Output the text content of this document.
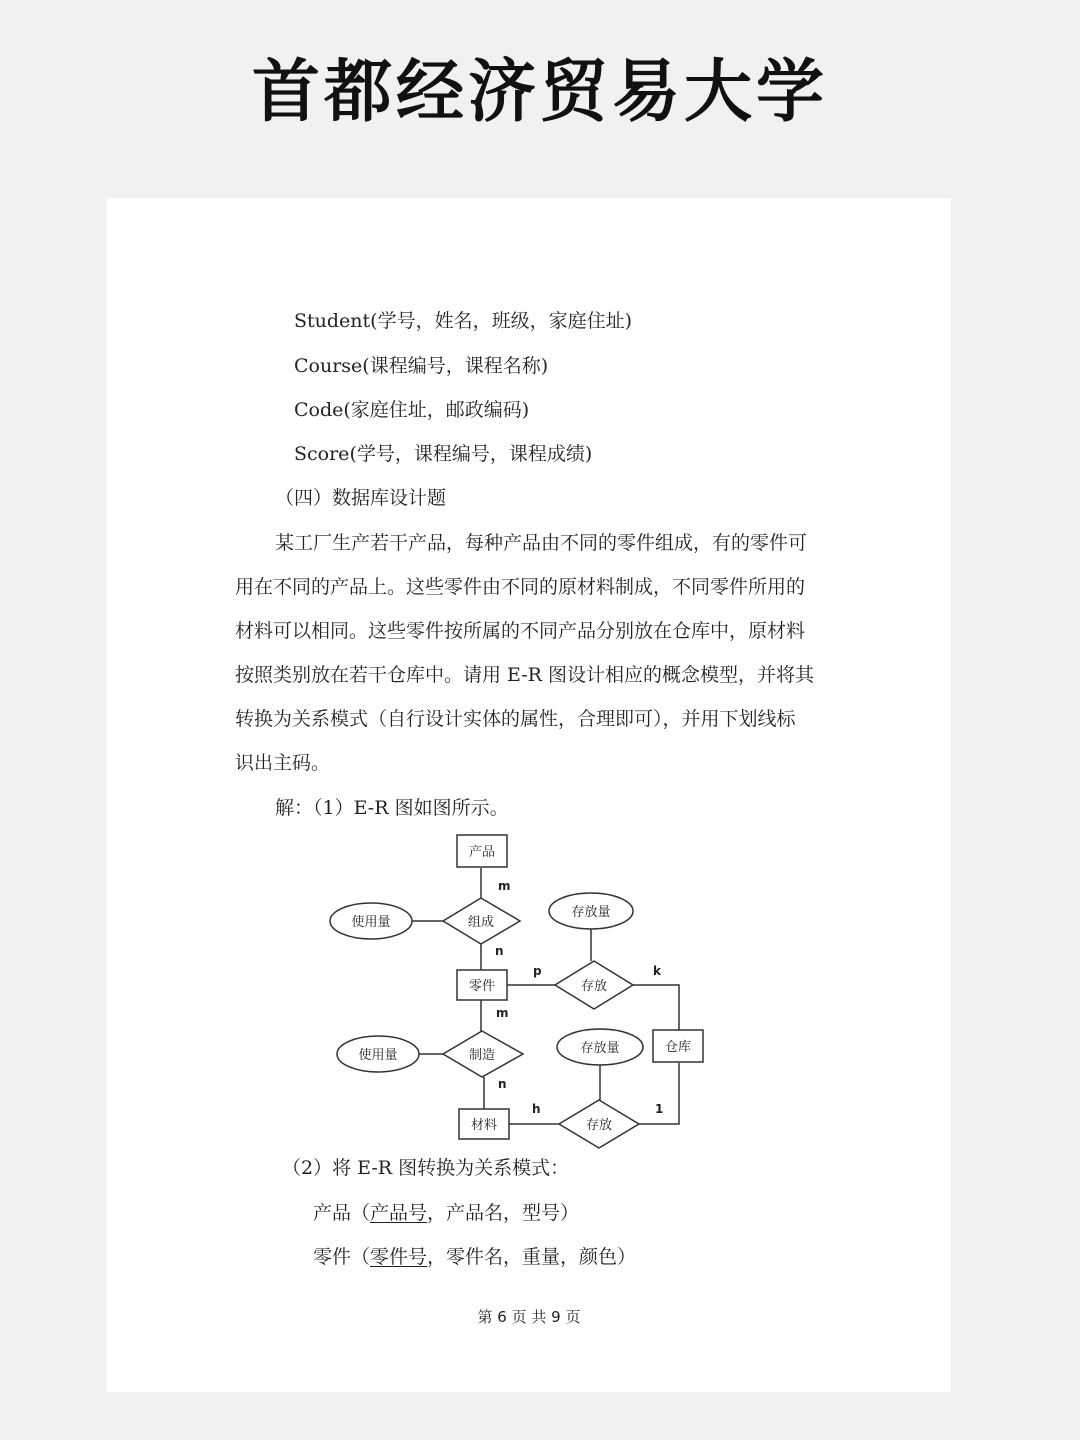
首都经济贸易大学
Student(学号，姓名，班级，家庭住址)
Course(课程编号，课程名称)
Code(家庭住址，邮政编码)
Score(学号，课程编号，课程成绩)
（四）数据库设计题
某工厂生产若干产品，每种产品由不同的零件组成，有的零件可
用在不同的产品上。这些零件由不同的原材料制成，不同零件所用的
材料可以相同。这些零件按所属的不同产品分别放在仓库中，原材料
按照类别放在若干仓库中。请用 E-R 图设计相应的概念模型，并将其
转换为关系模式（自行设计实体的属性，合理即可），并用下划线标
识出主码。
解：（1）E-R 图如图所示。
产品
零件
材料
仓库
组成
存放
制造
存放
使用量
存放量
使用量	存放量
m
n
p	k
m
n
h	1
（2）将 E-R 图转换为关系模式：
产品（产品号，产品名，型号）
零件（零件号，零件名，重量，颜色）
第 6 页 共 9 页
